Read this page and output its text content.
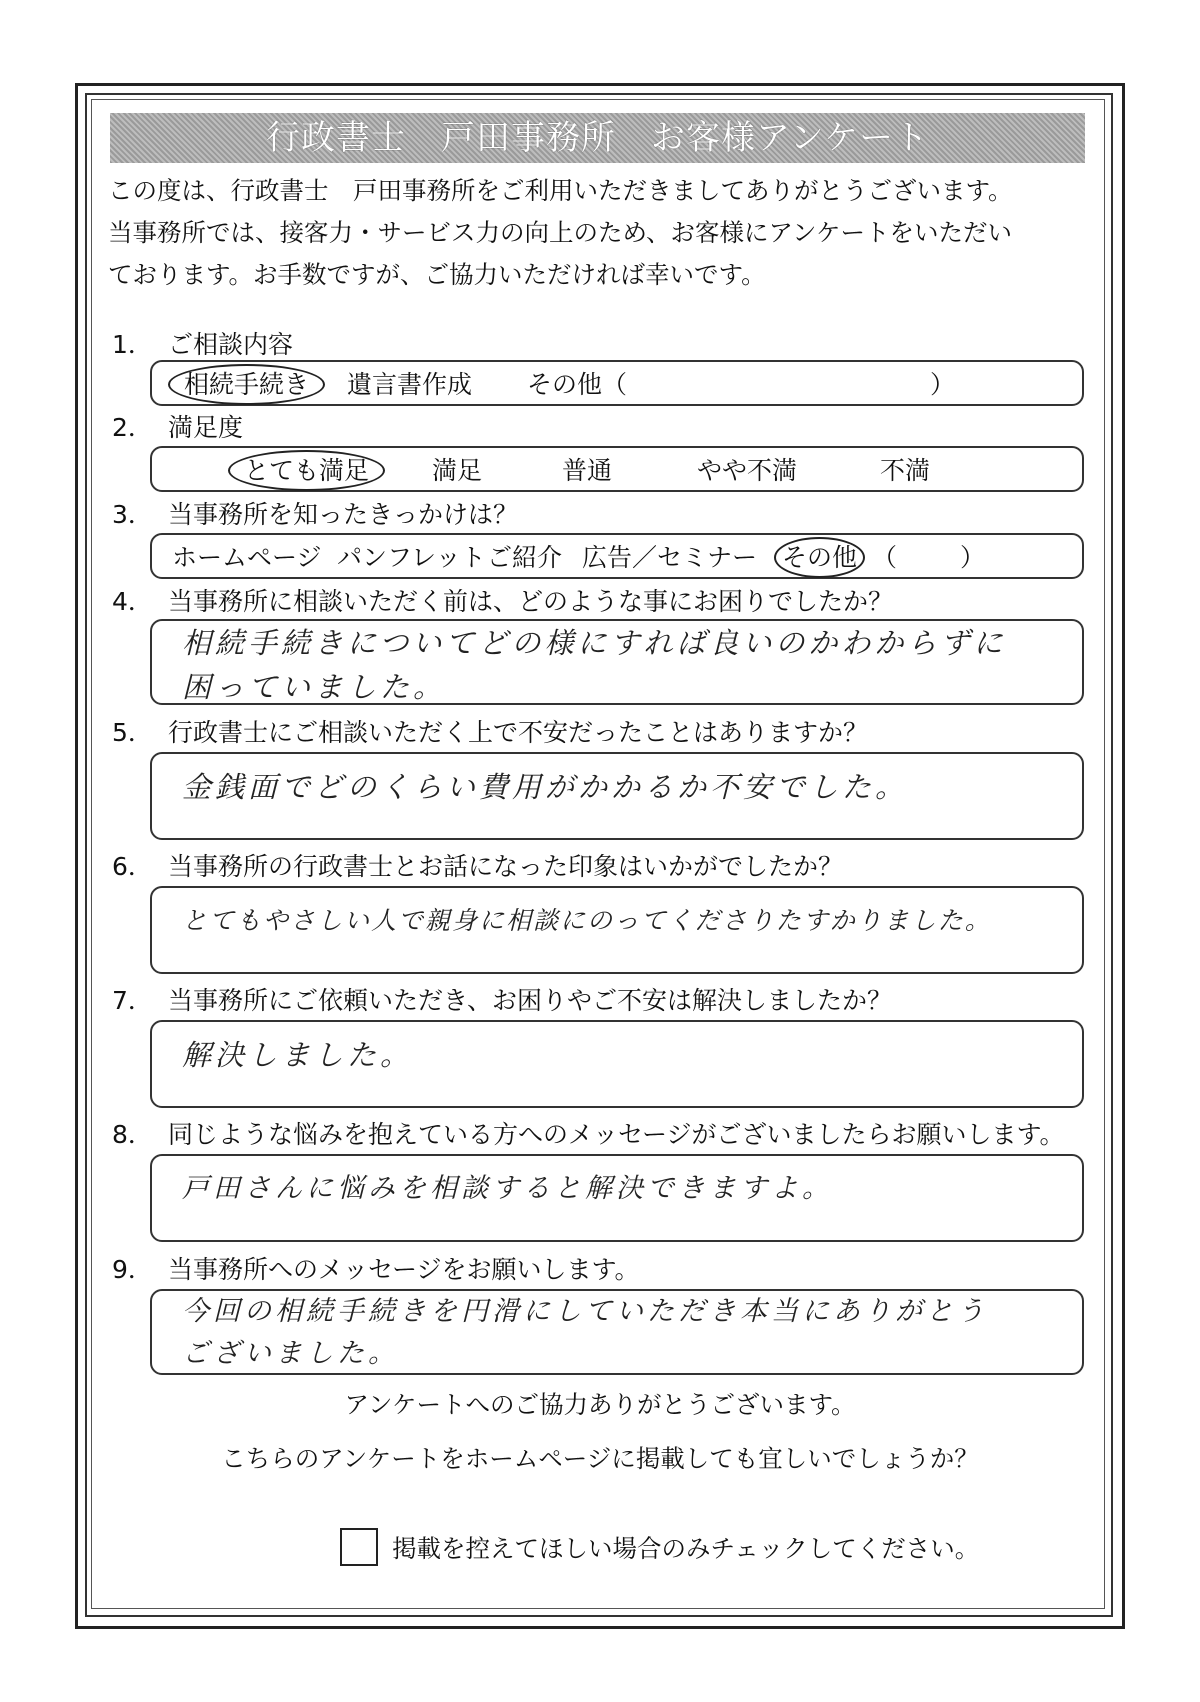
行政書士　戸田事務所　お客様アンケート
この度は、行政書士　戸田事務所をご利用いただきましてありがとうございます。
当事務所では、接客力・サービス力の向上のため、お客様にアンケートをいただい
ております。お手数ですが、ご協力いただければ幸いです。
1． ご相談内容
相続手続き	遺言書作成 その他（	）
2． 満足度
とても満足	満足	普通	やや不満	不満
3． 当事務所を知ったきっかけは？
ホームページ パンフレット ご紹介 広告／セミナー その他 （	）
4． 当事務所に相談いただく前は、どのような事にお困りでしたか？
相続手続きについてどの様にすれば良いのかわからずに
困っていました。
5． 行政書士にご相談いただく上で不安だったことはありますか？
金銭面でどのくらい費用がかかるか不安でした。
6． 当事務所の行政書士とお話になった印象はいかがでしたか？
とてもやさしい人で親身に相談にのってくださりたすかりました。
7． 当事務所にご依頼いただき、お困りやご不安は解決しましたか？
解決しました。
8． 同じような悩みを抱えている方へのメッセージがございましたらお願いします。
戸田さんに悩みを相談すると解決できますよ。
9． 当事務所へのメッセージをお願いします。
今回の相続手続きを円滑にしていただき本当にありがとう
ございました。
アンケートへのご協力ありがとうございます。
こちらのアンケートをホームページに掲載しても宜しいでしょうか？
掲載を控えてほしい場合のみチェックしてください。
